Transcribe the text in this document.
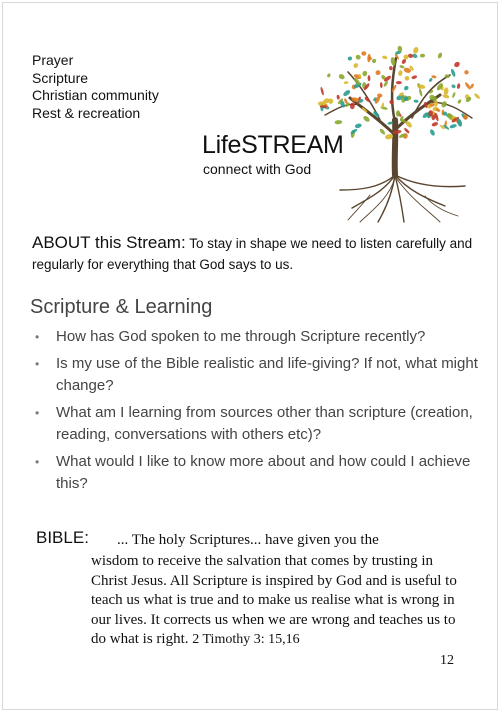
Prayer
Scripture
Christian community
Rest & recreation
LifeSTREAM
connect with God
ABOUT this Stream: To stay in shape we need to listen carefully and regularly for everything that God says to us.
Scripture & Learning
• How has God spoken to me through Scripture recently?
• Is my use of the Bible realistic and life-giving? If not, what might change?
• What am I learning from sources other than scripture (creation, reading, conversations with others etc)?
• What would I like to know more about and how could I achieve this?
BIBLE: ... The holy Scriptures... have given you the
wisdom to receive the salvation that comes by trusting in Christ Jesus. All Scripture is inspired by God and is useful to teach us what is true and to make us realise what is wrong in our lives. It corrects us when we are wrong and teaches us to do what is right. 2 Timothy 3: 15,16
12
